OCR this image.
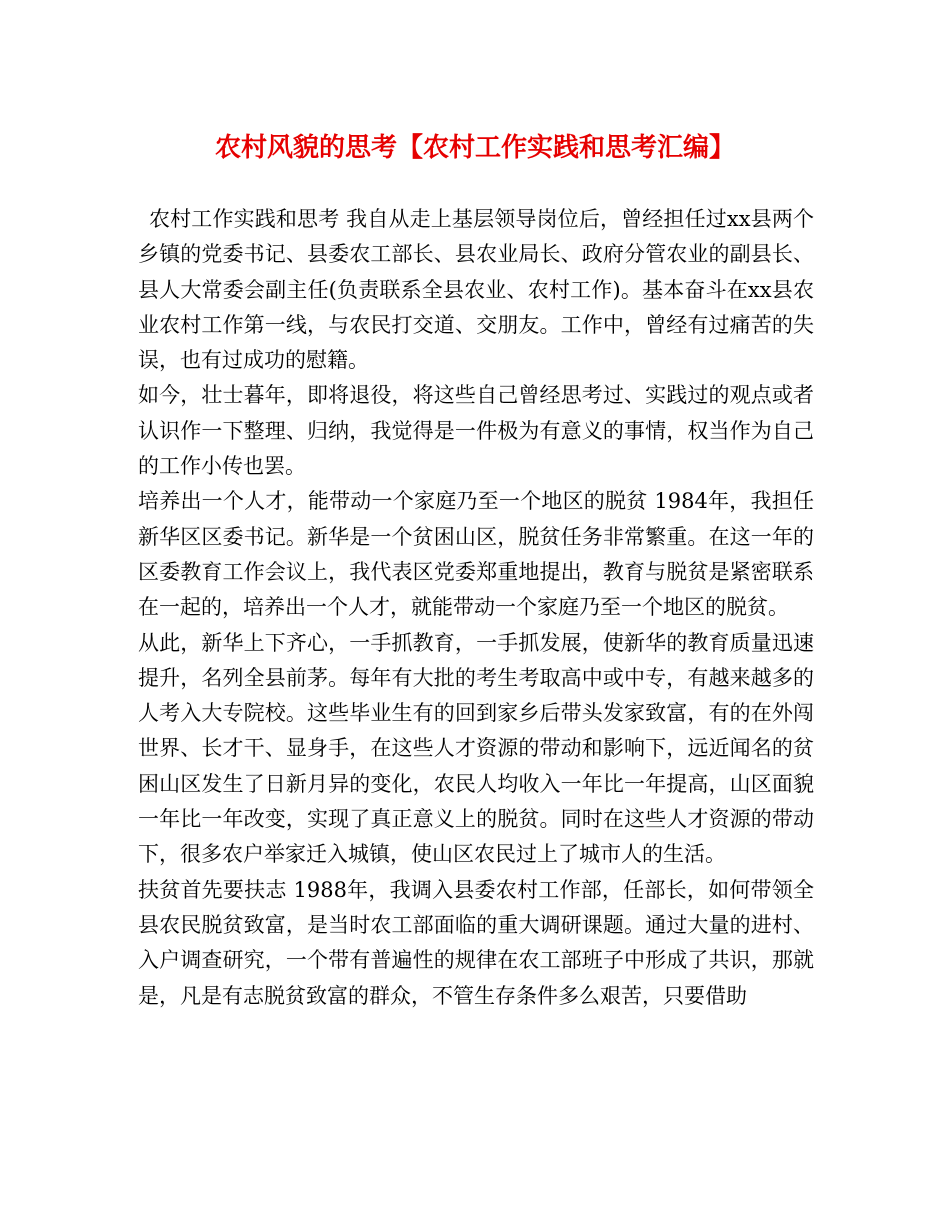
农村风貌的思考【农村工作实践和思考汇编】

农村工作实践和思考 我自从走上基层领导岗位后，曾经担任过xx县两个乡镇的党委书记、县委农工部长、县农业局长、政府分管农业的副县长、县人大常委会副主任(负责联系全县农业、农村工作)。基本奋斗在xx县农业农村工作第一线，与农民打交道、交朋友。工作中，曾经有过痛苦的失误，也有过成功的慰籍。

如今，壮士暮年，即将退役，将这些自己曾经思考过、实践过的观点或者认识作一下整理、归纳，我觉得是一件极为有意义的事情，权当作为自己的工作小传也罢。

培养出一个人才，能带动一个家庭乃至一个地区的脱贫 1984年，我担任新华区区委书记。新华是一个贫困山区，脱贫任务非常繁重。在这一年的区委教育工作会议上，我代表区党委郑重地提出，教育与脱贫是紧密联系在一起的，培养出一个人才，就能带动一个家庭乃至一个地区的脱贫。

从此，新华上下齐心，一手抓教育，一手抓发展，使新华的教育质量迅速提升，名列全县前茅。每年有大批的考生考取高中或中专，有越来越多的人考入大专院校。这些毕业生有的回到家乡后带头发家致富，有的在外闯世界、长才干、显身手，在这些人才资源的带动和影响下，远近闻名的贫困山区发生了日新月异的变化，农民人均收入一年比一年提高，山区面貌一年比一年改变，实现了真正意义上的脱贫。同时在这些人才资源的带动下，很多农户举家迁入城镇，使山区农民过上了城市人的生活。

扶贫首先要扶志 1988年，我调入县委农村工作部，任部长，如何带领全县农民脱贫致富，是当时农工部面临的重大调研课题。通过大量的进村、入户调查研究，一个带有普遍性的规律在农工部班子中形成了共识，那就是，凡是有志脱贫致富的群众，不管生存条件多么艰苦，只要借助
